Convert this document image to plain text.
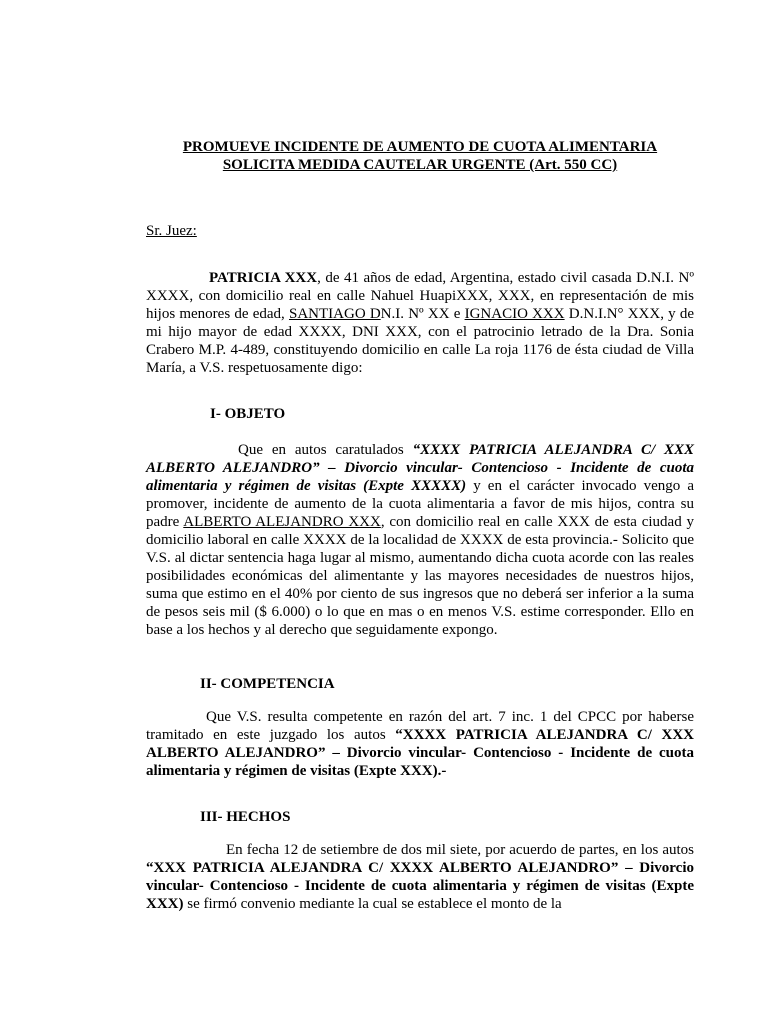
PROMUEVE INCIDENTE DE AUMENTO DE CUOTA ALIMENTARIA
SOLICITA MEDIDA CAUTELAR URGENTE (Art. 550 CC)
Sr. Juez:
PATRICIA XXX, de 41 años de edad, Argentina, estado civil casada D.N.I. Nº XXXX, con domicilio real en calle Nahuel HuapiXXX, XXX, en representación de mis hijos menores de edad, SANTIAGO DN.I. Nº XX e IGNACIO XXX D.N.I.N° XXX, y de mi hijo mayor de edad XXXX, DNI XXX, con el patrocinio letrado de la Dra. Sonia Crabero M.P. 4-489, constituyendo domicilio en calle La roja 1176 de ésta ciudad de Villa María, a V.S. respetuosamente digo:
I- OBJETO
Que en autos caratulados “XXXX PATRICIA ALEJANDRA C/ XXX ALBERTO ALEJANDRO” – Divorcio vincular- Contencioso - Incidente de cuota alimentaria y régimen de visitas (Expte XXXXX) y en el carácter invocado vengo a promover, incidente de aumento de la cuota alimentaria a favor de mis hijos, contra su padre ALBERTO ALEJANDRO XXX, con domicilio real en calle XXX de esta ciudad y domicilio laboral en calle XXXX de la localidad de XXXX de esta provincia.- Solicito que V.S. al dictar sentencia haga lugar al mismo, aumentando dicha cuota acorde con las reales posibilidades económicas del alimentante y las mayores necesidades de nuestros hijos, suma que estimo en el 40% por ciento de sus ingresos que no deberá ser inferior a la suma de pesos seis mil ($ 6.000) o lo que en mas o en menos V.S. estime corresponder. Ello en base a los hechos y al derecho que seguidamente expongo.
II- COMPETENCIA
Que V.S. resulta competente en razón del art. 7 inc. 1 del CPCC por haberse tramitado en este juzgado los autos “XXXX PATRICIA ALEJANDRA C/ XXX ALBERTO ALEJANDRO” – Divorcio vincular- Contencioso - Incidente de cuota alimentaria y régimen de visitas (Expte XXX).-
III- HECHOS
En fecha 12 de setiembre de dos mil siete, por acuerdo de partes, en los autos “XXX PATRICIA ALEJANDRA C/ XXXX ALBERTO ALEJANDRO” – Divorcio vincular- Contencioso - Incidente de cuota alimentaria y régimen de visitas (Expte XXX) se firmó convenio mediante la cual se establece el monto de la
